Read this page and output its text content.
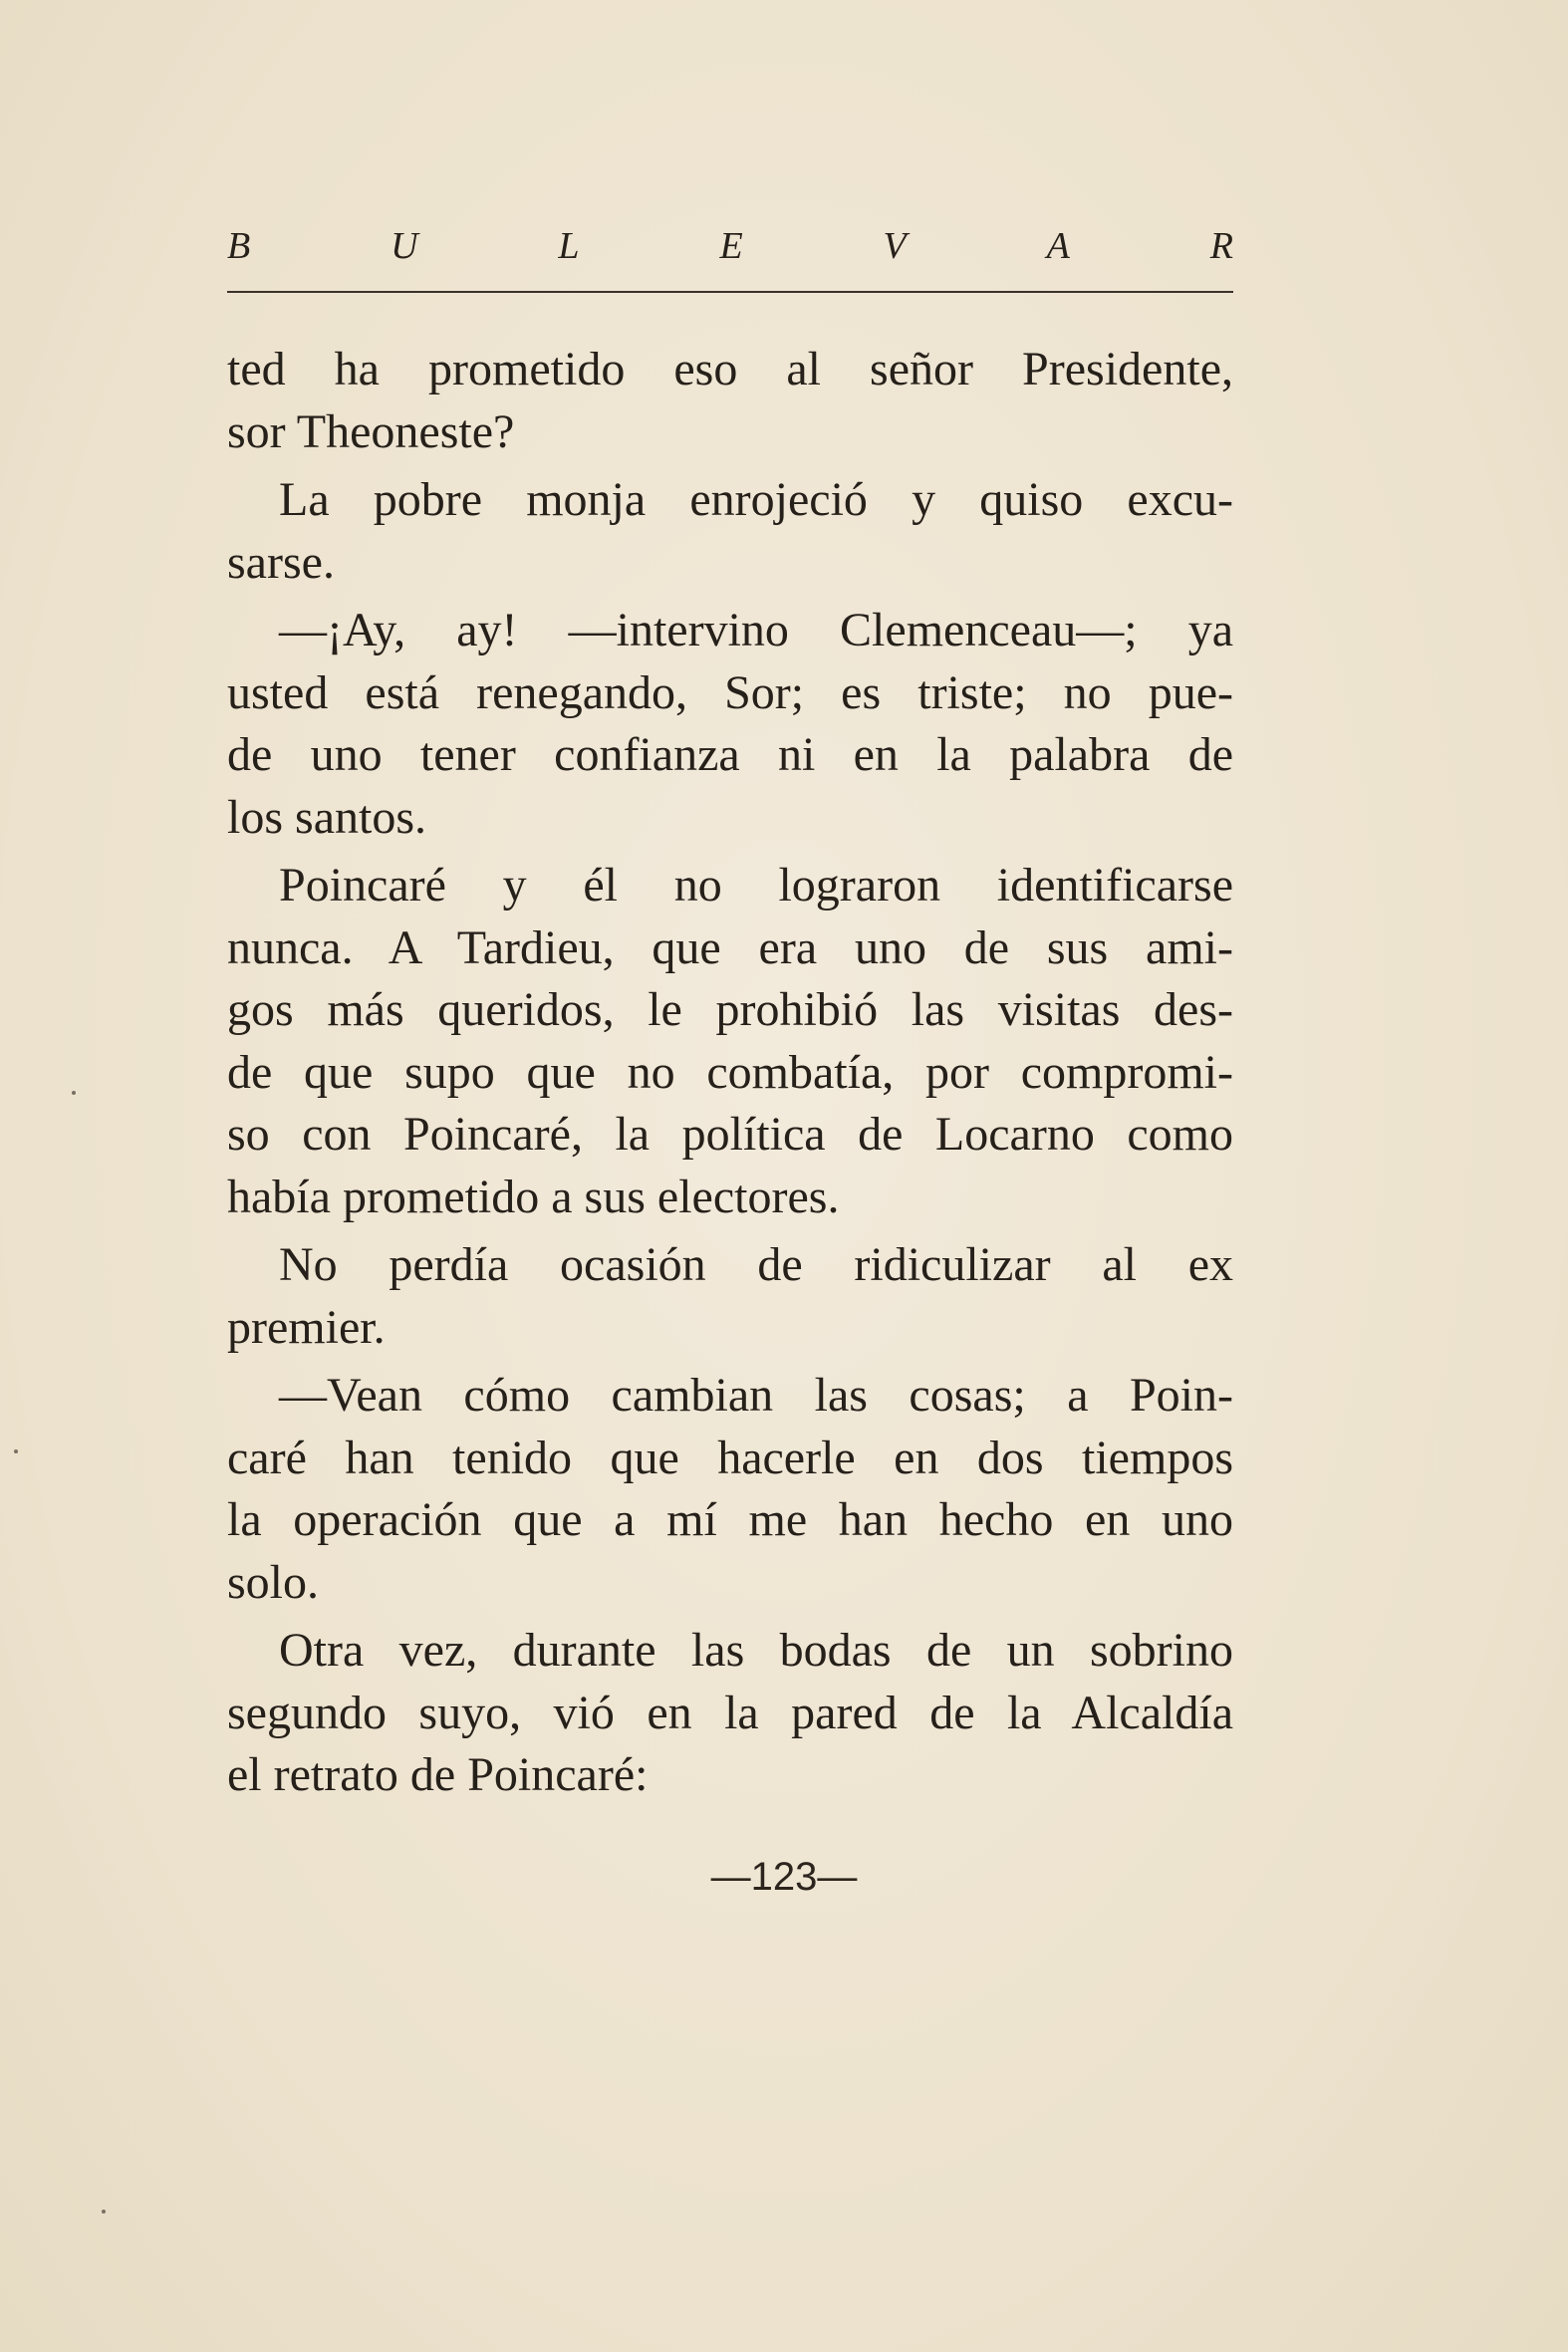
B	U	L	E	V	A	R

ted ha prometido eso al señor Presidente,
sor Theoneste?

La pobre monja enrojeció y quiso excu-
sarse.

—¡Ay, ay! —intervino Clemenceau—; ya
usted está renegando, Sor; es triste; no pue-
de uno tener confianza ni en la palabra de
los santos.

Poincaré y él no lograron identificarse
nunca. A Tardieu, que era uno de sus ami-
gos más queridos, le prohibió las visitas des-
de que supo que no combatía, por compromi-
so con Poincaré, la política de Locarno como
había prometido a sus electores.

No perdía ocasión de ridiculizar al ex
premier.

—Vean cómo cambian las cosas; a Poin-
caré han tenido que hacerle en dos tiempos
la operación que a mí me han hecho en uno
solo.

Otra vez, durante las bodas de un sobrino
segundo suyo, vió en la pared de la Alcaldía
el retrato de Poincaré:

—123—
